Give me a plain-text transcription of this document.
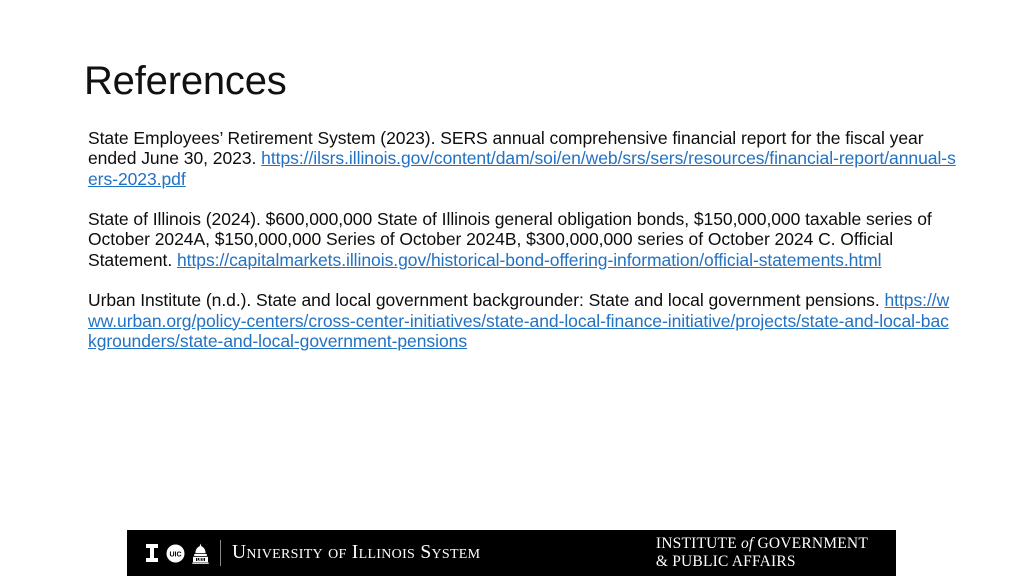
References

State Employees’ Retirement System (2023). SERS annual comprehensive financial report for the fiscal year ended June 30, 2023. https://ilsrs.illinois.gov/content/dam/soi/en/web/srs/sers/resources/financial-report/annual-sers-2023.pdf

State of Illinois (2024). $600,000,000 State of Illinois general obligation bonds, $150,000,000 taxable series of October 2024A, $150,000,000 Series of October 2024B, $300,000,000 series of October 2024 C. Official Statement. https://capitalmarkets.illinois.gov/historical-bond-offering-information/official-statements.html

Urban Institute (n.d.). State and local government backgrounder: State and local government pensions. https://www.urban.org/policy-centers/cross-center-initiatives/state-and-local-finance-initiative/projects/state-and-local-backgrounders/state-and-local-government-pensions

UIC
UIS University of Illinois System	INSTITUTE of GOVERNMENT
& PUBLIC AFFAIRS
